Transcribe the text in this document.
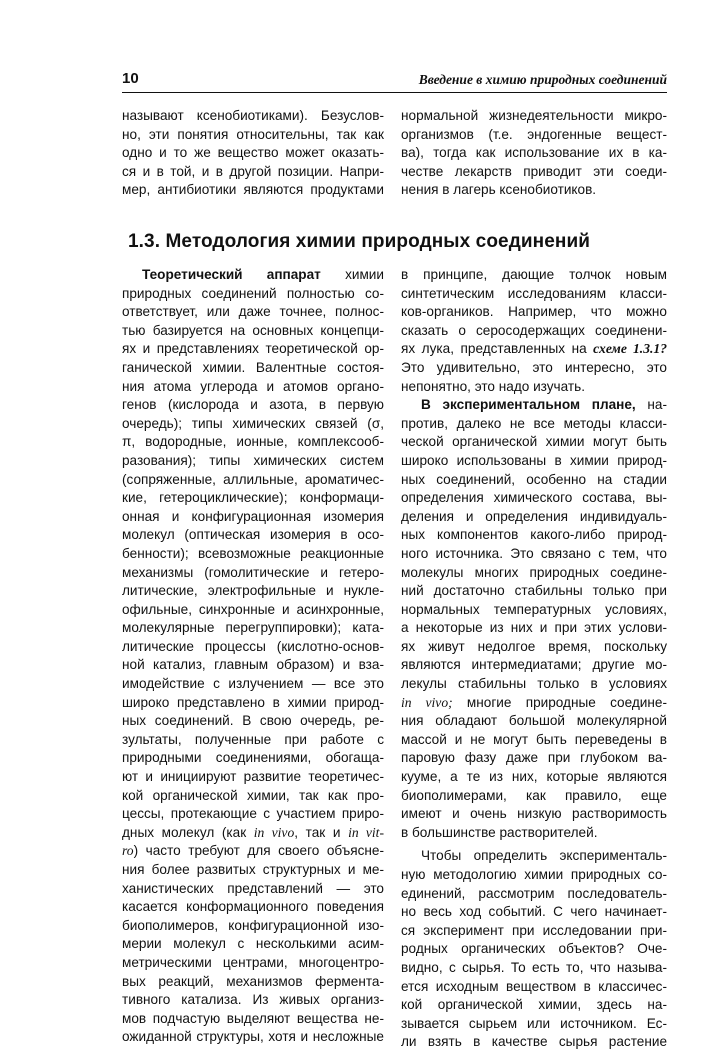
10	Введение в химию природных соединений
называют ксенобиотиками). Безуслов-
но, эти понятия относительны, так как
одно и то же вещество может оказать-
ся и в той, и в другой позиции. Напри-
мер, антибиотики являются продуктами
нормальной жизнедеятельности микро-
организмов (т.е. эндогенные вещест-
ва), тогда как использование их в ка-
честве лекарств приводит эти соеди-
нения в лагерь ксенобиотиков.
1.3. Методология химии природных соединений
Теоретический аппарат химии
природных соединений полностью со-
ответствует, или даже точнее, полнос-
тью базируется на основных концепци-
ях и представлениях теоретической ор-
ганической химии. Валентные состоя-
ния атома углерода и атомов органо-
генов (кислорода и азота, в первую
очередь); типы химических связей (σ,
π, водородные, ионные, комплексооб-
разования); типы химических систем
(сопряженные, аллильные, ароматичес-
кие, гетероциклические); конформаци-
онная и конфигурационная изомерия
молекул (оптическая изомерия в осо-
бенности); всевозможные реакционные
механизмы (гомолитические и гетеро-
литические, электрофильные и нукле-
офильные, синхронные и асинхронные,
молекулярные перегруппировки); ката-
литические процессы (кислотно-основ-
ной катализ, главным образом) и вза-
имодействие с излучением — все это
широко представлено в химии природ-
ных соединений. В свою очередь, ре-
зультаты, полученные при работе с
природными соединениями, обогаща-
ют и инициируют развитие теоретичес-
кой органической химии, так как про-
цессы, протекающие с участием приро-
дных молекул (как in vivo, так и in vit-
ro) часто требуют для своего объясне-
ния более развитых структурных и ме-
ханистических представлений — это
касается конформационного поведения
биополимеров, конфигурационной изо-
мерии молекул с несколькими асим-
метрическими центрами, многоцентро-
вых реакций, механизмов фермента-
тивного катализа. Из живых организ-
мов подчастую выделяют вещества не-
ожиданной структуры, хотя и несложные
в принципе, дающие толчок новым
синтетическим исследованиям класси-
ков-органиков. Например, что можно
сказать о серосодержащих соединени-
ях лука, представленных на схеме 1.3.1?
Это удивительно, это интересно, это
непонятно, это надо изучать.
В экспериментальном плане, на-
против, далеко не все методы класси-
ческой органической химии могут быть
широко использованы в химии природ-
ных соединений, особенно на стадии
определения химического состава, вы-
деления и определения индивидуаль-
ных компонентов какого-либо природ-
ного источника. Это связано с тем, что
молекулы многих природных соедине-
ний достаточно стабильны только при
нормальных температурных условиях,
а некоторые из них и при этих услови-
ях живут недолгое время, поскольку
являются интермедиатами; другие мо-
лекулы стабильны только в условиях
in vivo; многие природные соедине-
ния обладают большой молекулярной
массой и не могут быть переведены в
паровую фазу даже при глубоком ва-
кууме, а те из них, которые являются
биополимерами, как правило, еще
имеют и очень низкую растворимость
в большинстве растворителей.
Чтобы определить эксперименталь-
ную методологию химии природных со-
единений, рассмотрим последователь-
но весь ход событий. С чего начинает-
ся эксперимент при исследовании при-
родных органических объектов? Оче-
видно, с сырья. То есть то, что называ-
ется исходным веществом в классичес-
кой органической химии, здесь на-
зывается сырьем или источником. Ес-
ли взять в качестве сырья растение
